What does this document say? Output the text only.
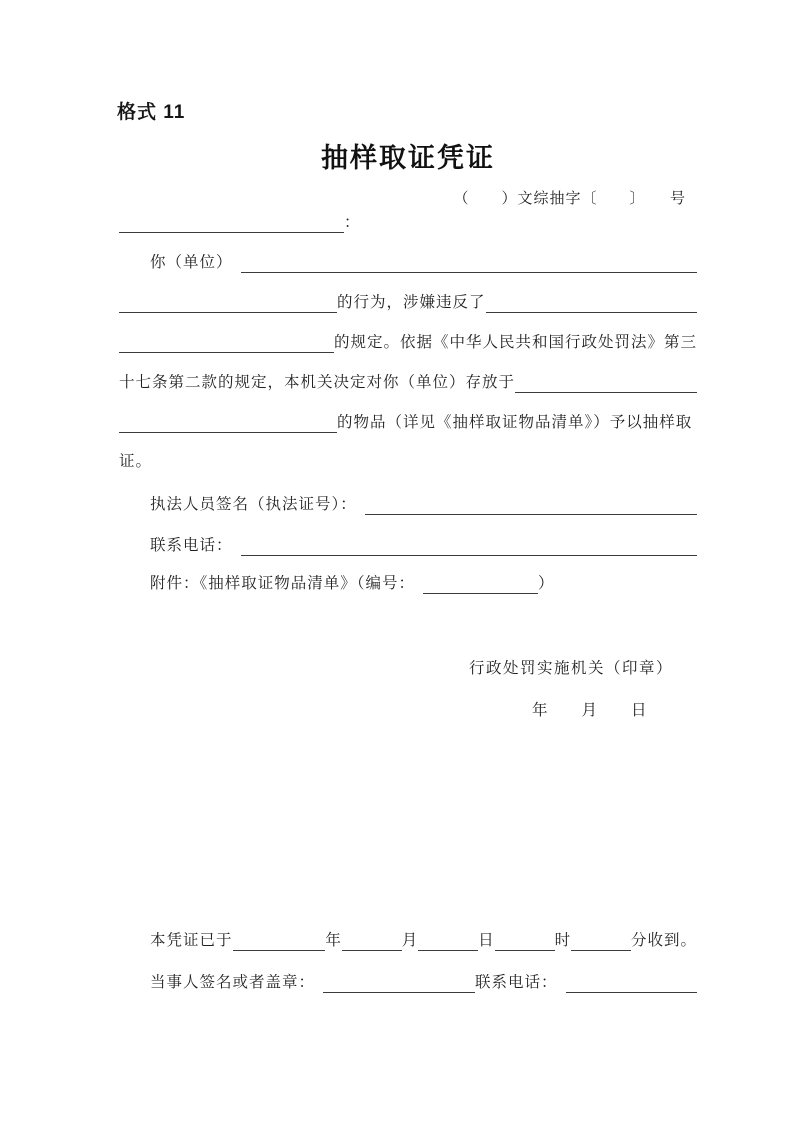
格式 11
抽样取证凭证
（　　）文综抽字〔　　〕　　号
：
你（单位）
的行为，涉嫌违反了
的规定。依据《中华人民共和国行政处罚法》第三
十七条第二款的规定，本机关决定对你（单位）存放于
的物品（详见《抽样取证物品清单》）予以抽样取
证。
执法人员签名（执法证号）：
联系电话：
附件：《抽样取证物品清单》（编号：	）
行政处罚实施机关（印章）
年　　月　　日
本凭证已于	年	月	日	时	分收到。
当事人签名或者盖章：	联系电话：
